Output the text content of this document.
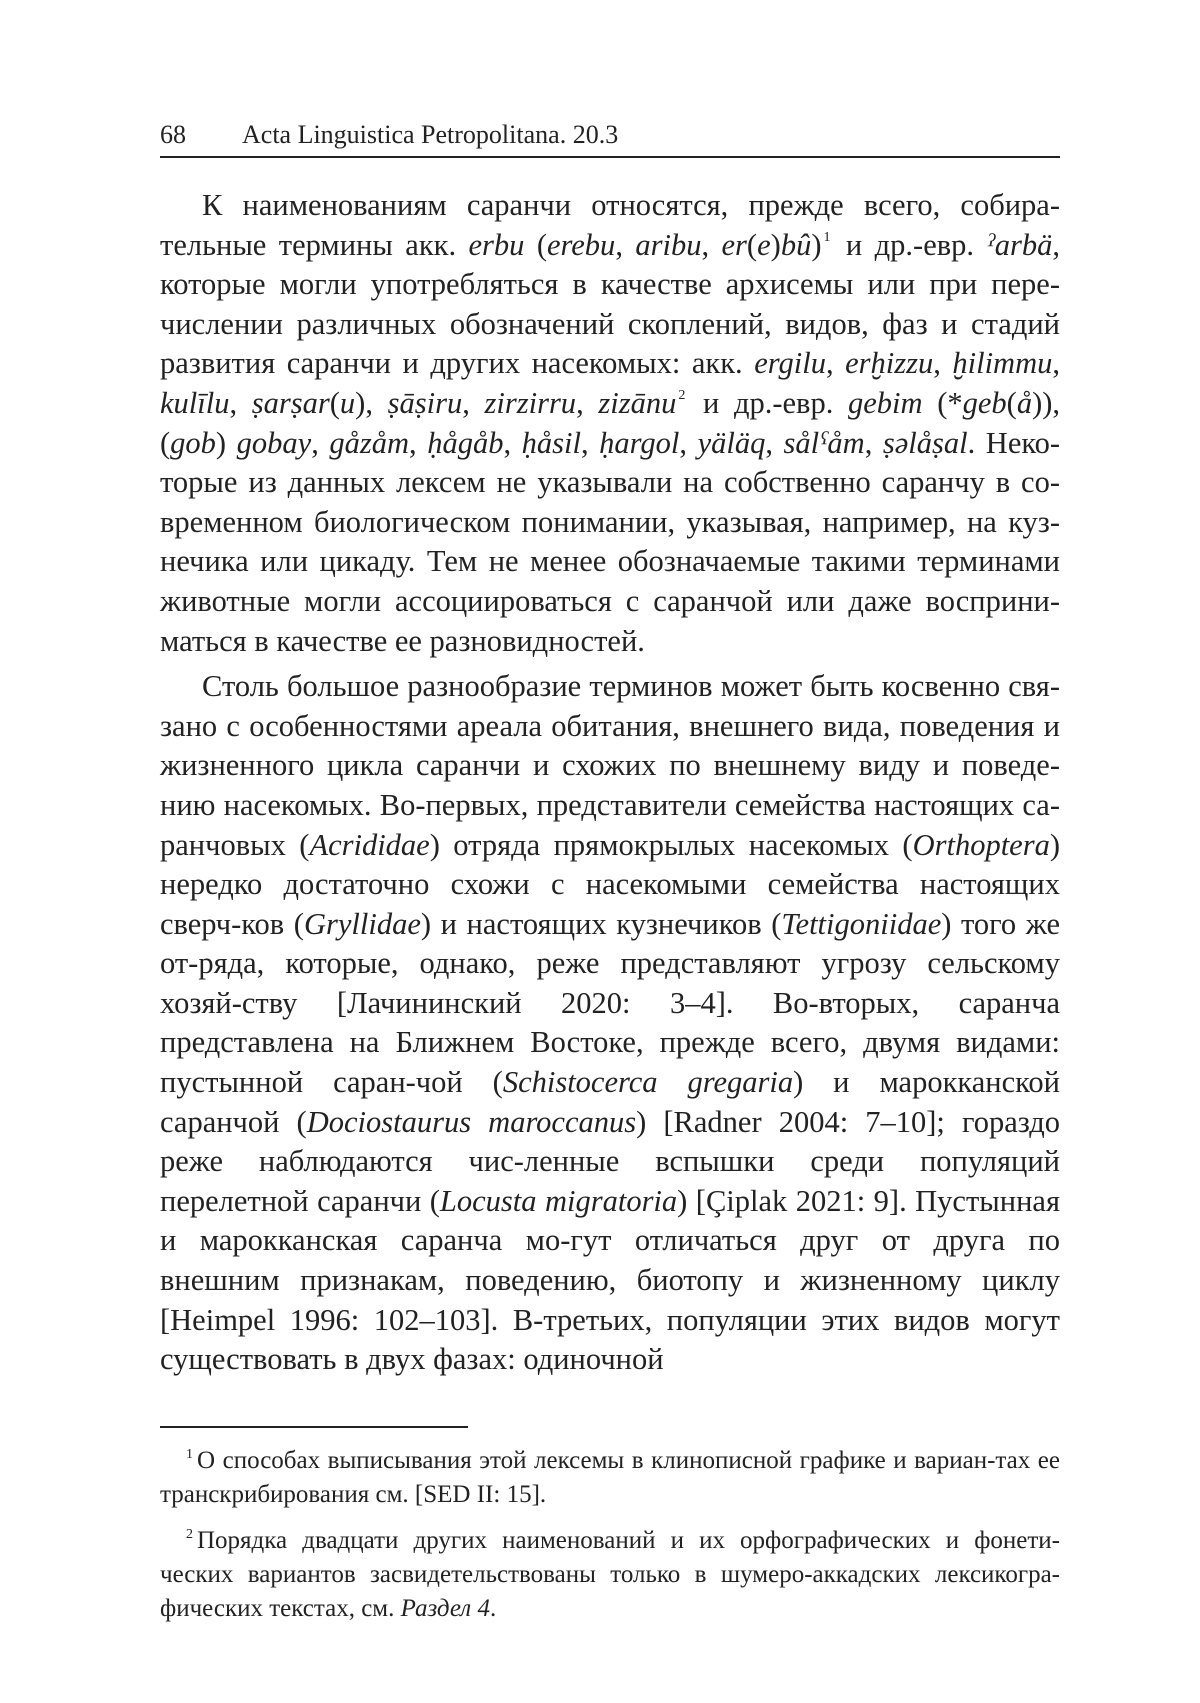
68 Acta Linguistica Petropolitana. 20.3

К наименованиям саранчи относятся, прежде всего, собира-тельные термины акк. erbu (erebu, aribu, er(e)bû) 1 и др.-евр. ˀarbä, которые могли употребляться в качестве архисемы или при пере-числении различных обозначений скоплений, видов, фаз и стадий развития саранчи и других насекомых: акк. ergilu, erḫizzu, ḫilimmu, kulīlu, ṣarṣar(u), ṣāṣiru, zirzirru, zizānu 2 и др.-евр. gebim (*geb(å)), (gob) gobay, gåzåm, ḥågåb, ḥåsil, ḥargol, yäläq, sålˁåm, ṣəlåṣal. Неко-торые из данных лексем не указывали на собственно саранчу в со-временном биологическом понимании, указывая, например, на куз-нечика или цикаду. Тем не менее обозначаемые такими терминами животные могли ассоциироваться с саранчой или даже восприни-маться в качестве ее разновидностей.

Столь большое разнообразие терминов может быть косвенно свя-зано с особенностями ареала обитания, внешнего вида, поведения и жизненного цикла саранчи и схожих по внешнему виду и поведе-нию насекомых. Во-первых, представители семейства настоящих са-ранчовых (Acrididae) отряда прямокрылых насекомых (Orthoptera) нередко достаточно схожи с насекомыми семейства настоящих сверч-ков (Gryllidae) и настоящих кузнечиков (Tettigoniidae) того же от-ряда, которые, однако, реже представляют угрозу сельскому хозяй-ству [Лачининский 2020: 3–4]. Во-вторых, саранча представлена на Ближнем Востоке, прежде всего, двумя видами: пустынной саран-чой (Schistocerca gregaria) и марокканской саранчой (Dociostaurus maroccanus) [Radner 2004: 7–10]; гораздо реже наблюдаются чис-ленные вспышки среди популяций перелетной саранчи (Locusta migratoria) [Çiplak 2021: 9]. Пустынная и марокканская саранча мо-гут отличаться друг от друга по внешним признакам, поведению, биотопу и жизненному циклу [Heimpel 1996: 102–103]. В-третьих, популяции этих видов могут существовать в двух фазах: одиночной

1 О способах выписывания этой лексемы в клинописной графике и вариан-тах ее транскрибирования см. [SED II: 15].

2 Порядка двадцати других наименований и их орфографических и фонети-ческих вариантов засвидетельствованы только в шумеро-аккадских лексикогра-фических текстах, см. Раздел 4.
